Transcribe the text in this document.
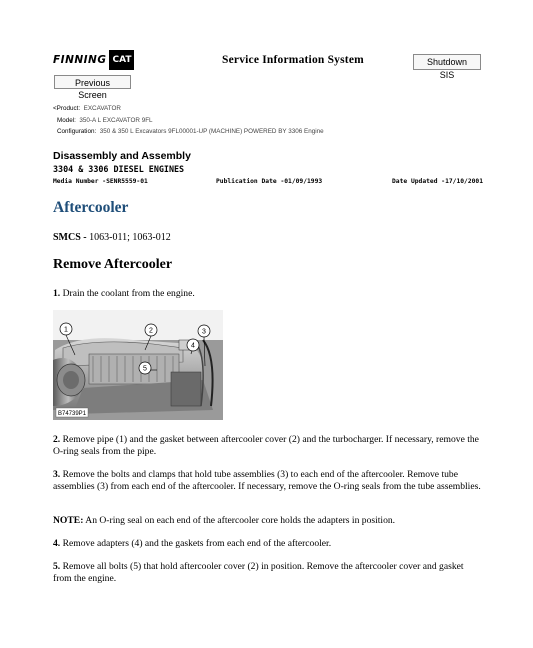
FINNING CAT	Service Information System	Shutdown SIS
Previous Screen
<Product: EXCAVATOR
Model: 350-A L EXCAVATOR 9FL
Configuration: 350 & 350 L Excavators 9FL00001-UP (MACHINE) POWERED BY 3306 Engine
Disassembly and Assembly
3304 & 3306 DIESEL ENGINES
Media Number -SENR5559-01	Publication Date -01/09/1993	Date Updated -17/10/2001
Aftercooler
SMCS - 1063-011; 1063-012
Remove Aftercooler
1. Drain the coolant from the engine.
1	2	3
4
5
B74739P1
2. Remove pipe (1) and the gasket between aftercooler cover (2) and the turbocharger. If necessary, remove the O-ring seals from the pipe.
3. Remove the bolts and clamps that hold tube assemblies (3) to each end of the aftercooler. Remove tube assemblies (3) from each end of the aftercooler. If necessary, remove the O-ring seals from the tube assemblies.
NOTE: An O-ring seal on each end of the aftercooler core holds the adapters in position.
4. Remove adapters (4) and the gaskets from each end of the aftercooler.
5. Remove all bolts (5) that hold aftercooler cover (2) in position. Remove the aftercooler cover and gasket from the engine.
